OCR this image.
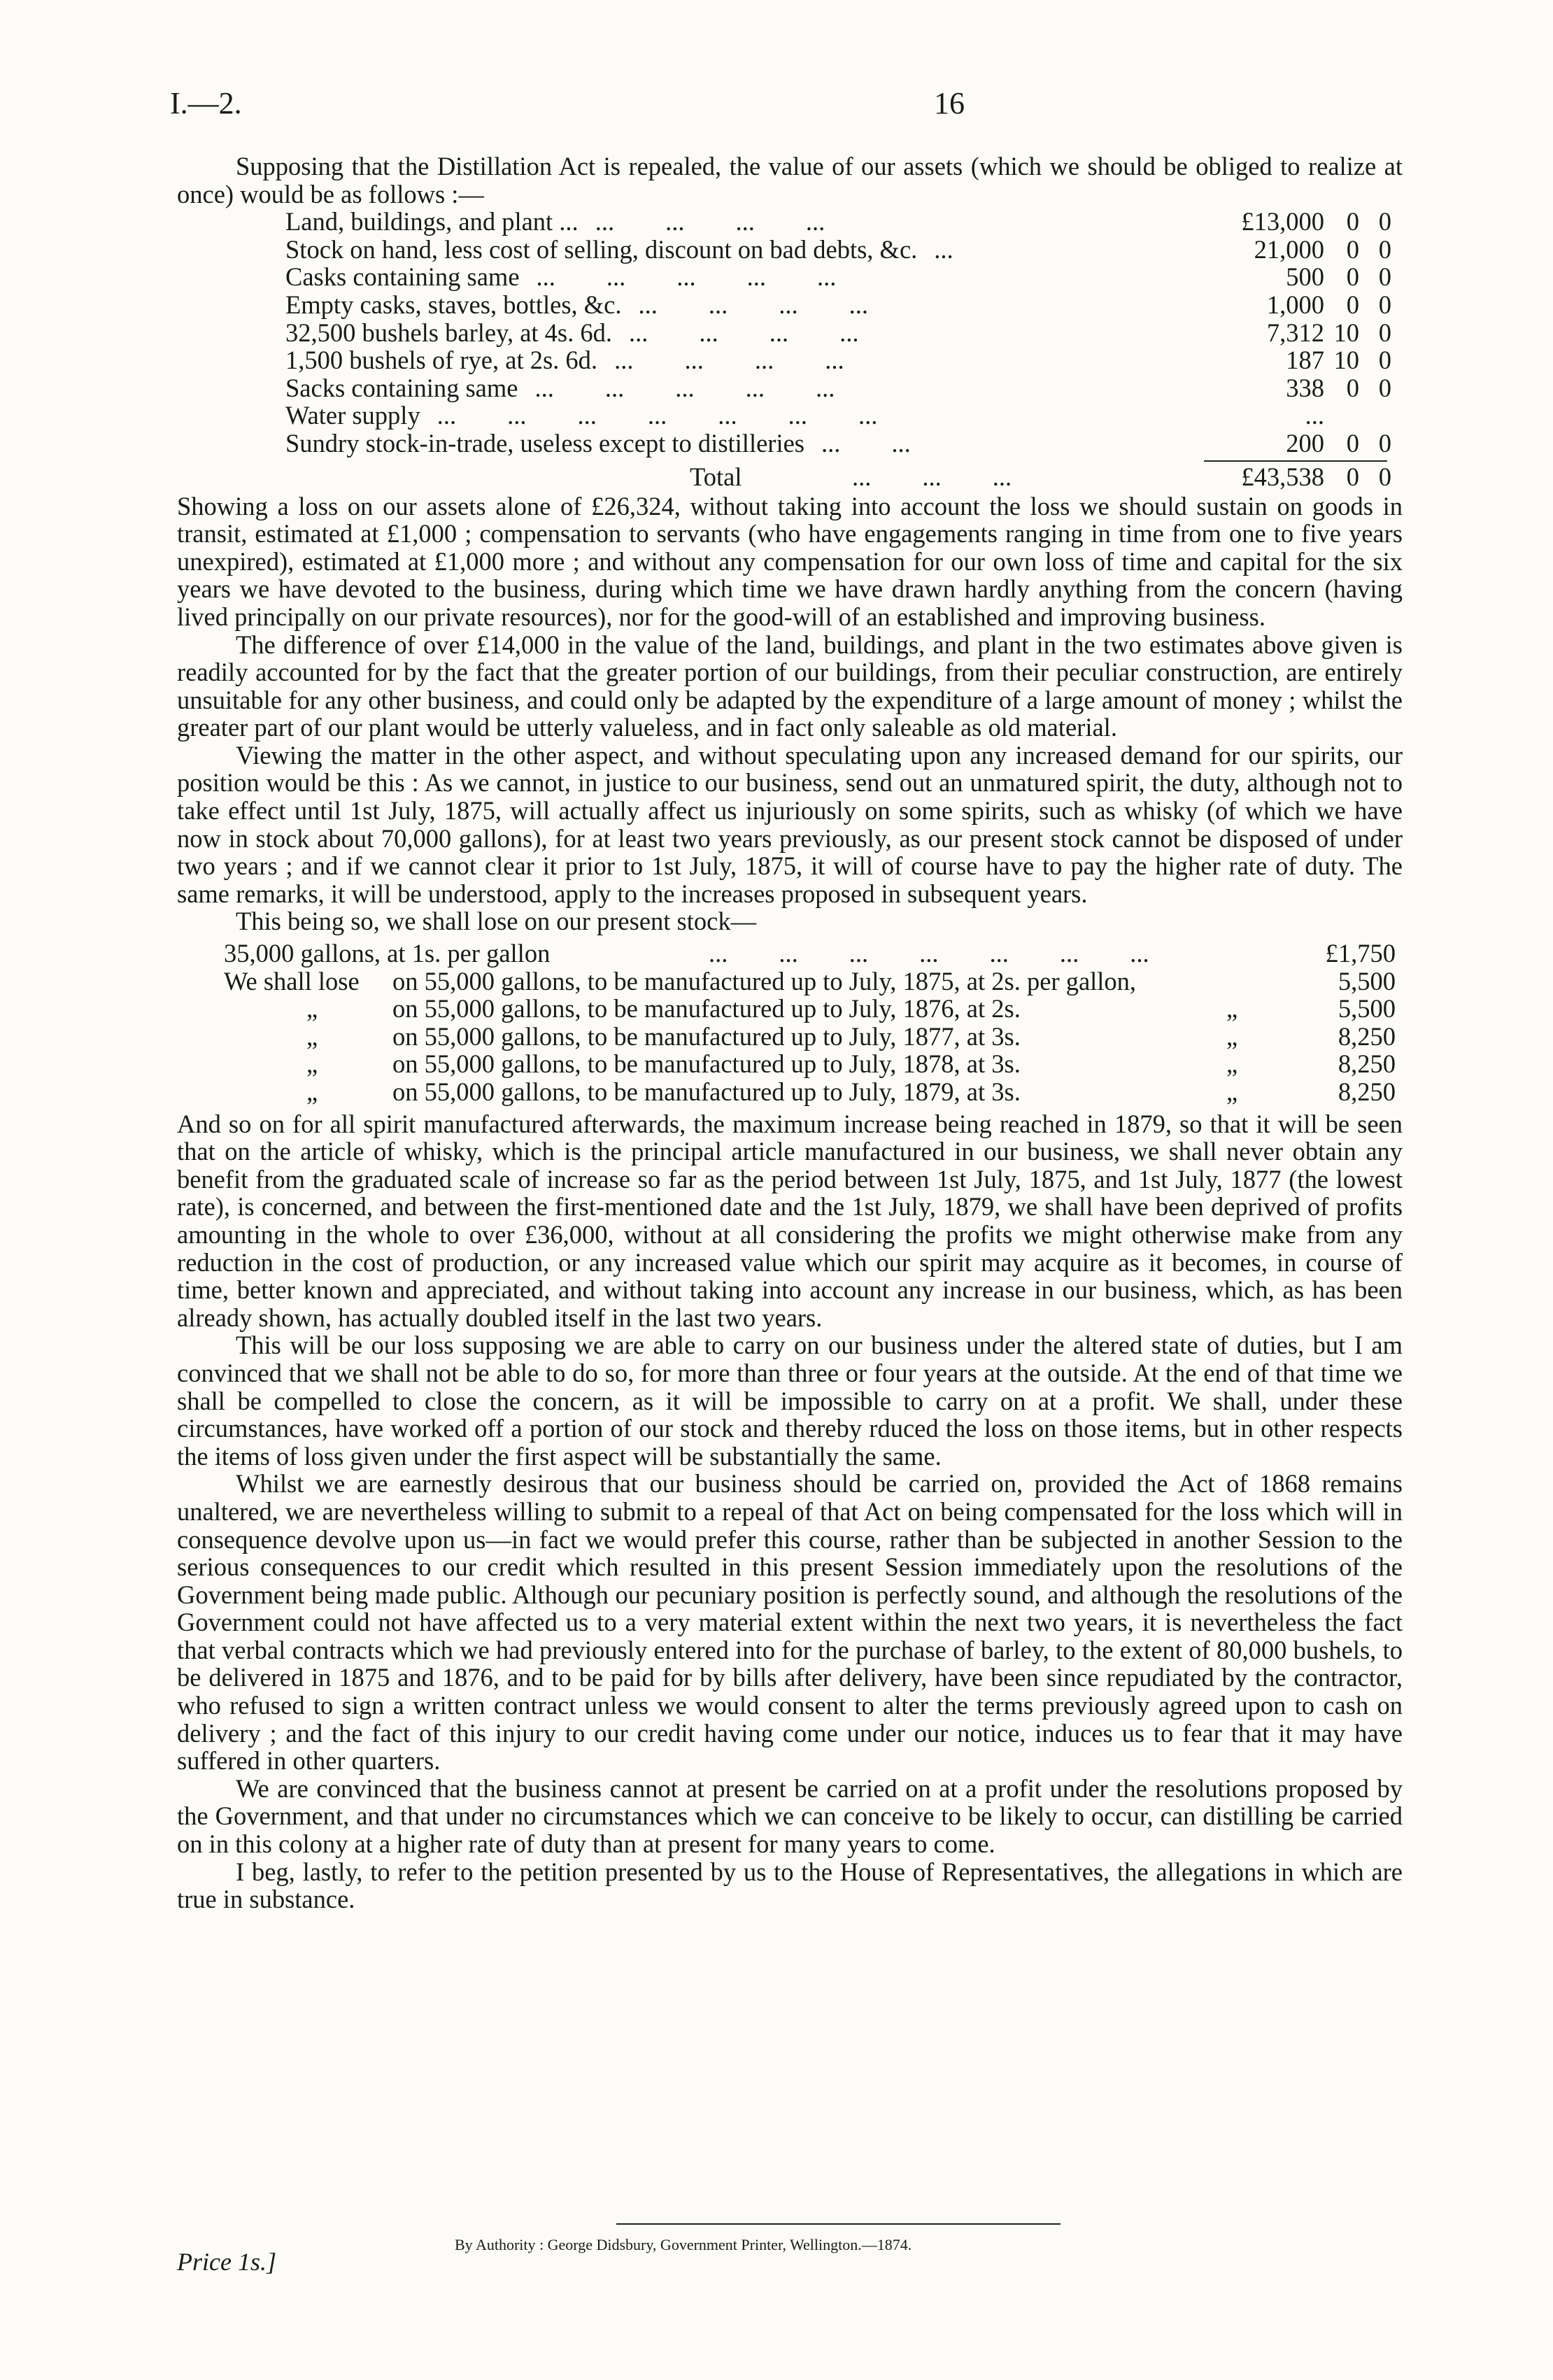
I.—2.	16

Supposing that the Distillation Act is repealed, the value of our assets (which we should be obliged to realize at once) would be as follows :—

Land, buildings, and plant ... ...        ...        ...        ...	£13,000 0 0
Stock on hand, less cost of selling, discount on bad debts, &c. ...	21,000 0 0
Casks containing same ...        ...        ...        ...        ...	500 0 0
Empty casks, staves, bottles, &c. ...        ...        ...        ...	1,000 0 0
32,500 bushels barley, at 4s. 6d. ...        ...        ...        ...	7,312 10 0
1,500 bushels of rye, at 2s. 6d. ...        ...        ...        ...	187 10 0
Sacks containing same ...        ...        ...        ...        ...	338 0 0
Water supply ...        ...        ...        ...        ...        ...        ...	...
Sundry stock-in-trade, useless except to distilleries ...        ...	200 0 0
Total	...        ...        ...	£43,538 0 0

Showing a loss on our assets alone of £26,324, without taking into account the loss we should sustain on goods in transit, estimated at £1,000 ; compensation to servants (who have engagements ranging in time from one to five years unexpired), estimated at £1,000 more ; and without any compensation for our own loss of time and capital for the six years we have devoted to the business, during which time we have drawn hardly anything from the concern (having lived principally on our private resources), nor for the good-will of an established and improving business.

The difference of over £14,000 in the value of the land, buildings, and plant in the two estimates above given is readily accounted for by the fact that the greater portion of our buildings, from their peculiar construction, are entirely unsuitable for any other business, and could only be adapted by the expenditure of a large amount of money ; whilst the greater part of our plant would be utterly valueless, and in fact only saleable as old material.

Viewing the matter in the other aspect, and without speculating upon any increased demand for our spirits, our position would be this : As we cannot, in justice to our business, send out an unmatured spirit, the duty, although not to take effect until 1st July, 1875, will actually affect us injuriously on some spirits, such as whisky (of which we have now in stock about 70,000 gallons), for at least two years previously, as our present stock cannot be disposed of under two years ; and if we cannot clear it prior to 1st July, 1875, it will of course have to pay the higher rate of duty. The same remarks, it will be understood, apply to the increases proposed in subsequent years.

This being so, we shall lose on our present stock—

35,000 gallons, at 1s. per gallon	...        ...        ...        ...        ...        ...        ...	£1,750
We shall lose on 55,000 gallons, to be manufactured up to July, 1875, at 2s. per gallon,	5,500
„	on 55,000 gallons, to be manufactured up to July, 1876, at 2s.	„	5,500
„	on 55,000 gallons, to be manufactured up to July, 1877, at 3s.	„	8,250
„	on 55,000 gallons, to be manufactured up to July, 1878, at 3s.	„	8,250
„	on 55,000 gallons, to be manufactured up to July, 1879, at 3s.	„	8,250

And so on for all spirit manufactured afterwards, the maximum increase being reached in 1879, so that it will be seen that on the article of whisky, which is the principal article manufactured in our business, we shall never obtain any benefit from the graduated scale of increase so far as the period between 1st July, 1875, and 1st July, 1877 (the lowest rate), is concerned, and between the first-mentioned date and the 1st July, 1879, we shall have been deprived of profits amounting in the whole to over £36,000, without at all considering the profits we might otherwise make from any reduction in the cost of production, or any increased value which our spirit may acquire as it becomes, in course of time, better known and appreciated, and without taking into account any increase in our business, which, as has been already shown, has actually doubled itself in the last two years.

This will be our loss supposing we are able to carry on our business under the altered state of duties, but I am convinced that we shall not be able to do so, for more than three or four years at the outside. At the end of that time we shall be compelled to close the concern, as it will be impossible to carry on at a profit. We shall, under these circumstances, have worked off a portion of our stock and thereby rduced the loss on those items, but in other respects the items of loss given under the first aspect will be substantially the same.

Whilst we are earnestly desirous that our business should be carried on, provided the Act of 1868 remains unaltered, we are nevertheless willing to submit to a repeal of that Act on being compensated for the loss which will in consequence devolve upon us—in fact we would prefer this course, rather than be subjected in another Session to the serious consequences to our credit which resulted in this present Session immediately upon the resolutions of the Government being made public. Although our pecuniary position is perfectly sound, and although the resolutions of the Government could not have affected us to a very material extent within the next two years, it is nevertheless the fact that verbal contracts which we had previously entered into for the purchase of barley, to the extent of 80,000 bushels, to be delivered in 1875 and 1876, and to be paid for by bills after delivery, have been since repudiated by the contractor, who refused to sign a written contract unless we would consent to alter the terms previously agreed upon to cash on delivery ; and the fact of this injury to our credit having come under our notice, induces us to fear that it may have suffered in other quarters.

We are convinced that the business cannot at present be carried on at a profit under the resolutions proposed by the Government, and that under no circumstances which we can conceive to be likely to occur, can distilling be carried on in this colony at a higher rate of duty than at present for many years to come.

I beg, lastly, to refer to the petition presented by us to the House of Representatives, the allegations in which are true in substance.

By Authority : George Didsbury, Government Printer, Wellington.—1874.
Price 1s.]
